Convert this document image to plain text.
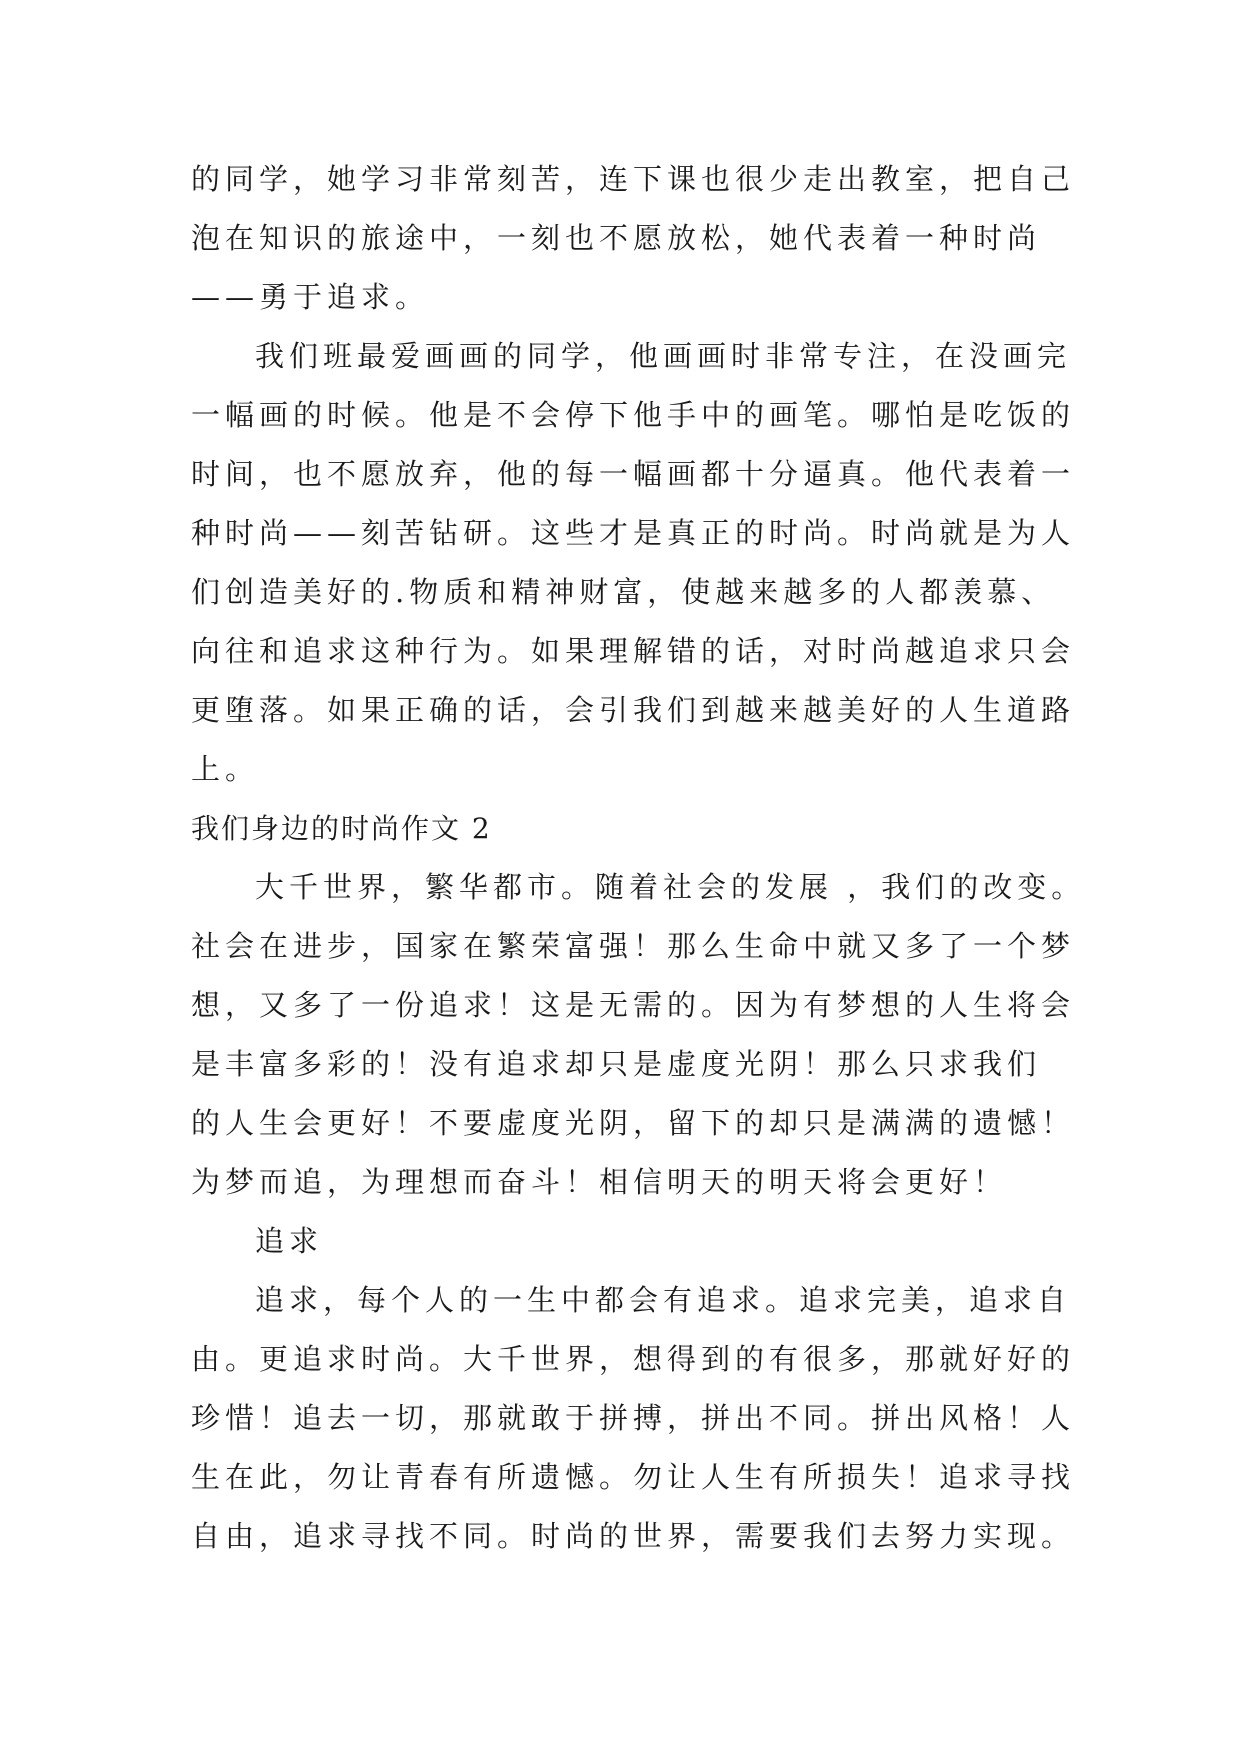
的同学，她学习非常刻苦，连下课也很少走出教室，把自己
泡在知识的旅途中，一刻也不愿放松，她代表着一种时尚
——勇于追求。
我们班最爱画画的同学，他画画时非常专注，在没画完
一幅画的时候。他是不会停下他手中的画笔。哪怕是吃饭的
时间，也不愿放弃，他的每一幅画都十分逼真。他代表着一
种时尚——刻苦钻研。这些才是真正的时尚。时尚就是为人
们创造美好的.物质和精神财富，使越来越多的人都羡慕、
向往和追求这种行为。如果理解错的话，对时尚越追求只会
更堕落。如果正确的话，会引我们到越来越美好的人生道路
上。
我们身边的时尚作文 2
大千世界，繁华都市。随着社会的发展 ，我们的改变。
社会在进步，国家在繁荣富强！那么生命中就又多了一个梦
想，又多了一份追求！这是无需的。因为有梦想的人生将会
是丰富多彩的！没有追求却只是虚度光阴！那么只求我们
的人生会更好！不要虚度光阴，留下的却只是满满的遗憾！
为梦而追，为理想而奋斗！相信明天的明天将会更好！
追求
追求，每个人的一生中都会有追求。追求完美，追求自
由。更追求时尚。大千世界，想得到的有很多，那就好好的
珍惜！追去一切，那就敢于拼搏，拼出不同。拼出风格！人
生在此，勿让青春有所遗憾。勿让人生有所损失！追求寻找
自由，追求寻找不同。时尚的世界，需要我们去努力实现。
